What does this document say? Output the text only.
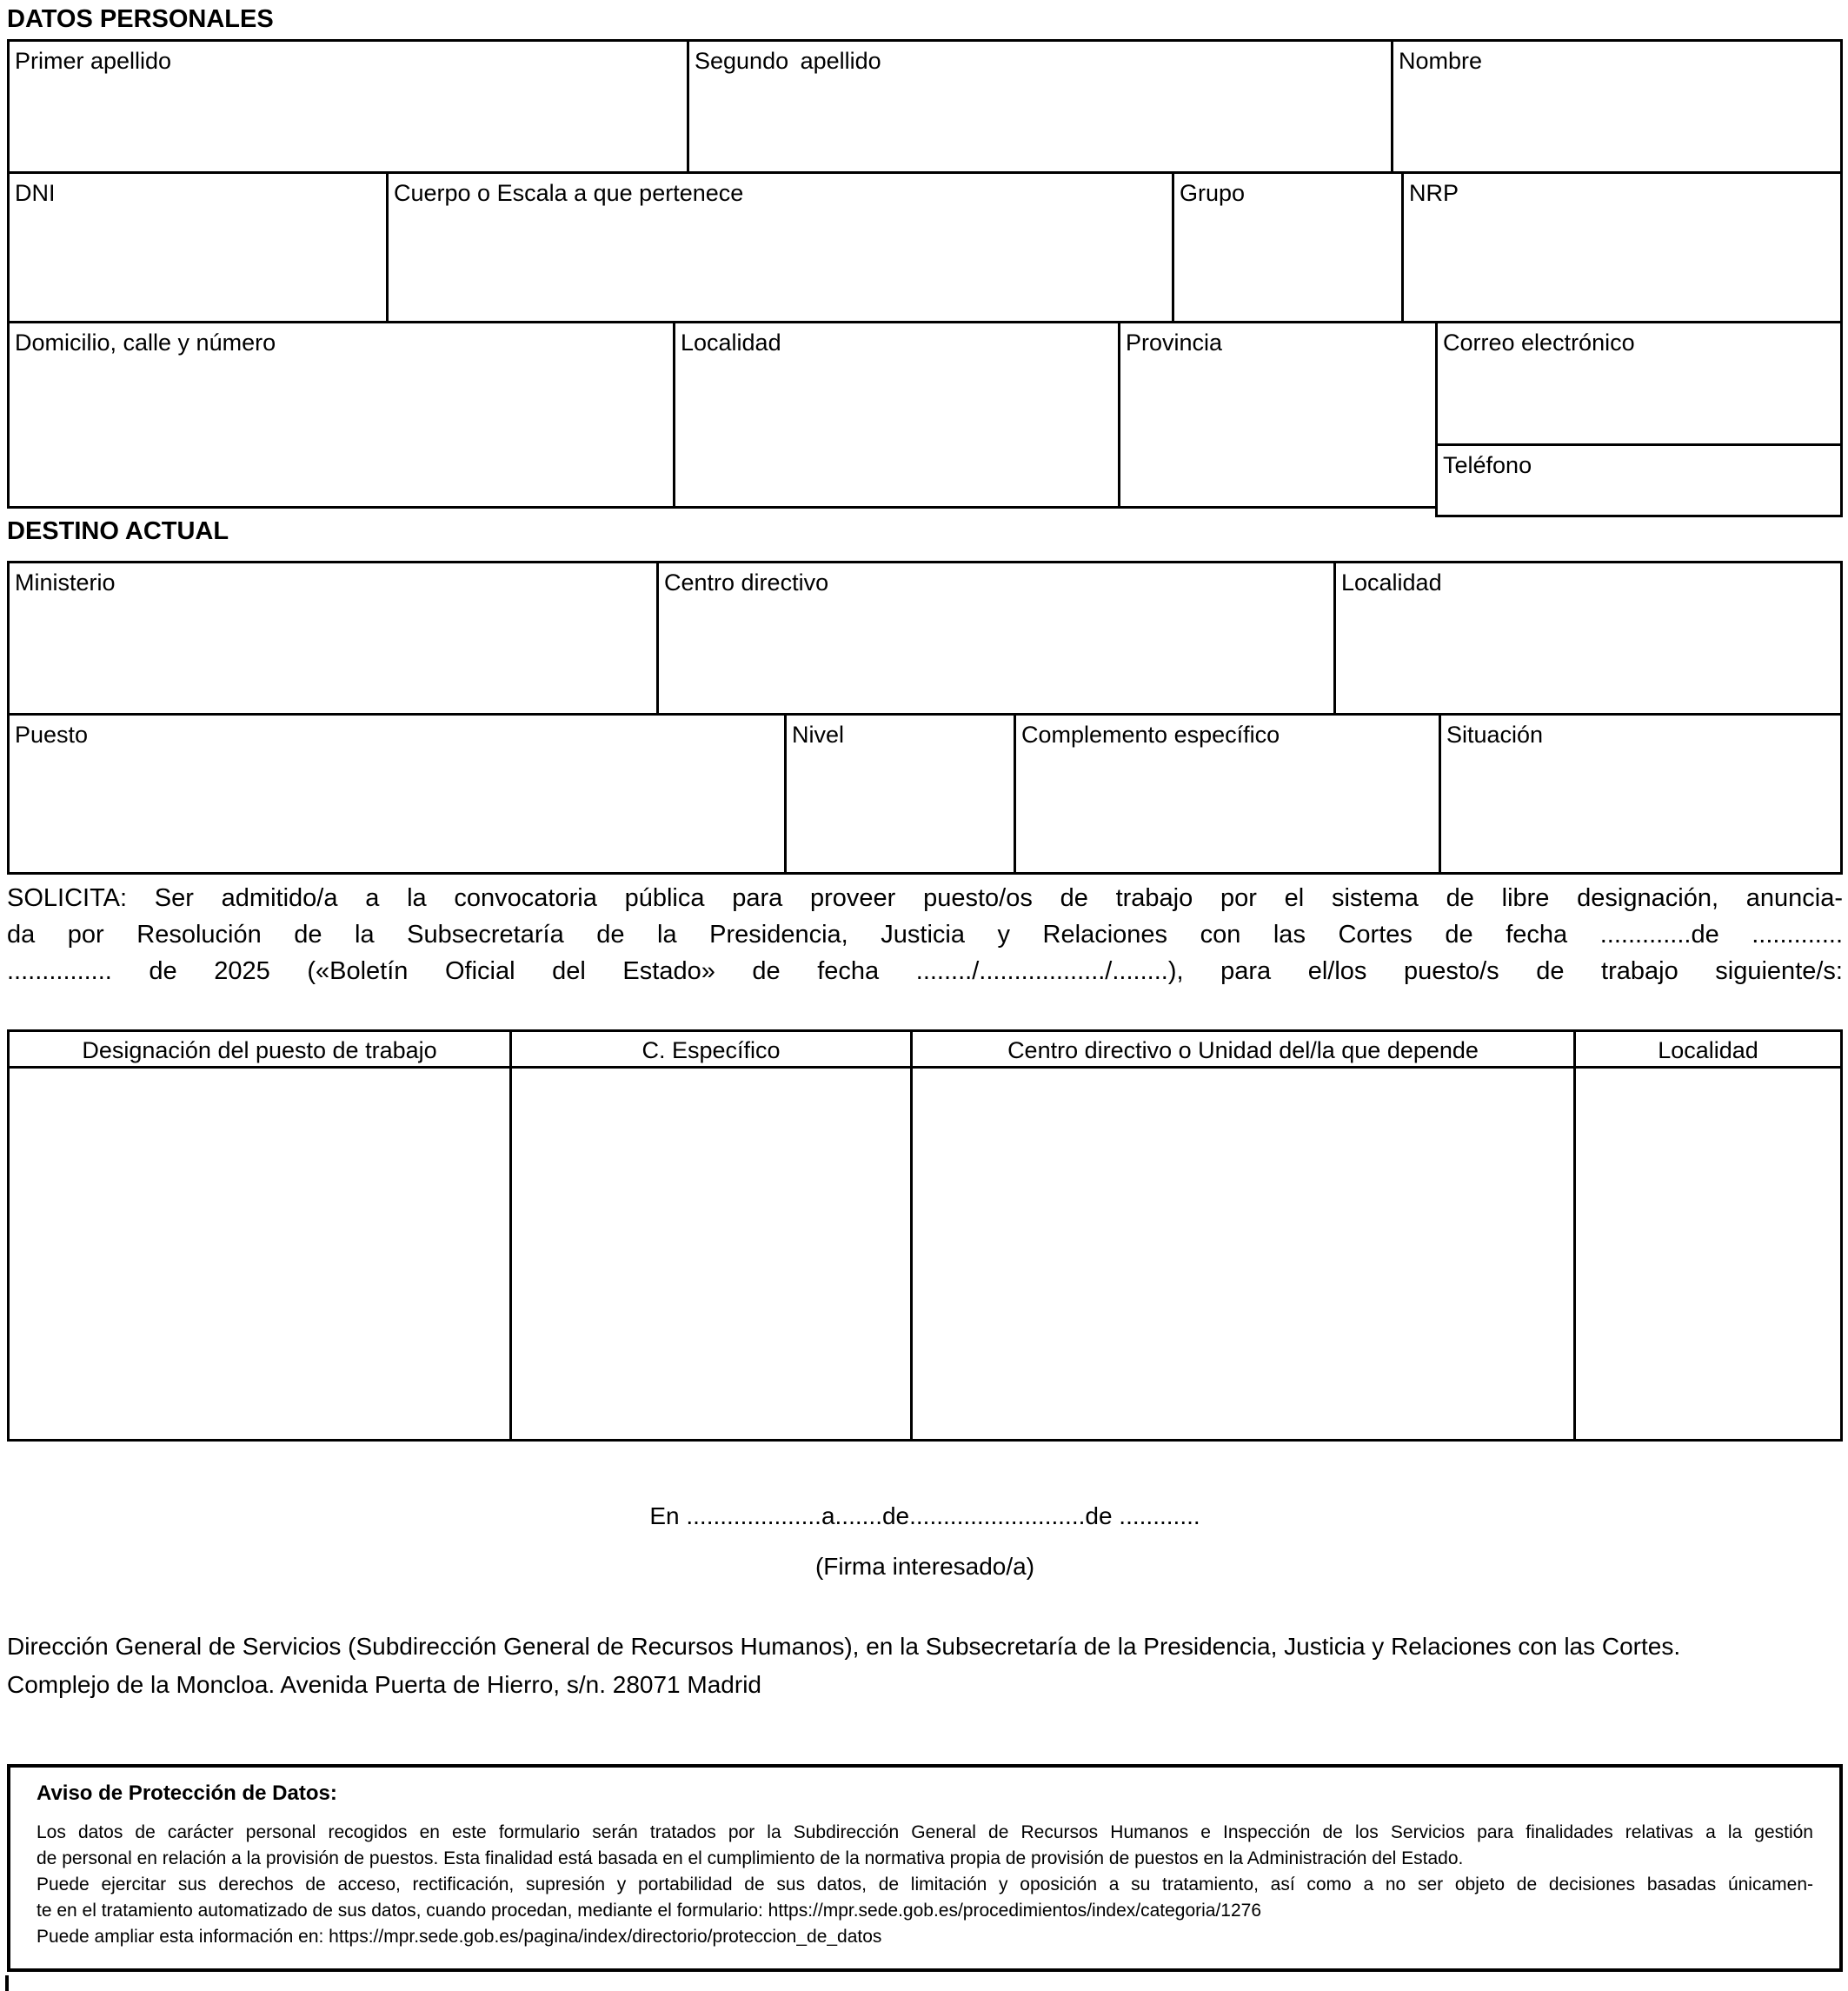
DATOS PERSONALES
Primer apellido	Segundo apellido	Nombre
DNI	Cuerpo o Escala a que pertenece	Grupo	NRP
Domicilio, calle y número	Localidad	Provincia	Correo electrónico
Teléfono
DESTINO ACTUAL
Ministerio	Centro directivo	Localidad
Puesto	Nivel	Complemento específico	Situación
SOLICITA: Ser admitido/a a la convocatoria pública para proveer puesto/os de trabajo por el sistema de libre designación, anuncia-
da por Resolución de la Subsecretaría de la Presidencia, Justicia y Relaciones con las Cortes de fecha .............de .............
............... de 2025 («Boletín Oficial del Estado» de fecha ......../................../........), para el/los puesto/s de trabajo siguiente/s:
Designación del puesto de trabajo	C. Específico	Centro directivo o Unidad del/la que depende	Localidad
En ....................a.......de..........................de ............
(Firma interesado/a)
Dirección General de Servicios (Subdirección General de Recursos Humanos), en la Subsecretaría de la Presidencia, Justicia y Relaciones con las Cortes.
Complejo de la Moncloa. Avenida Puerta de Hierro, s/n. 28071 Madrid

Aviso de Protección de Datos:

Los datos de carácter personal recogidos en este formulario serán tratados por la Subdirección General de Recursos Humanos e Inspección de los Servicios para finalidades relativas a la gestión
de personal en relación a la provisión de puestos. Esta finalidad está basada en el cumplimiento de la normativa propia de provisión de puestos en la Administración del Estado.
Puede ejercitar sus derechos de acceso, rectificación, supresión y portabilidad de sus datos, de limitación y oposición a su tratamiento, así como a no ser objeto de decisiones basadas únicamen-
te en el tratamiento automatizado de sus datos, cuando procedan, mediante el formulario: https://mpr.sede.gob.es/procedimientos/index/categoria/1276
Puede ampliar esta información en: https://mpr.sede.gob.es/pagina/index/directorio/proteccion_de_datos
